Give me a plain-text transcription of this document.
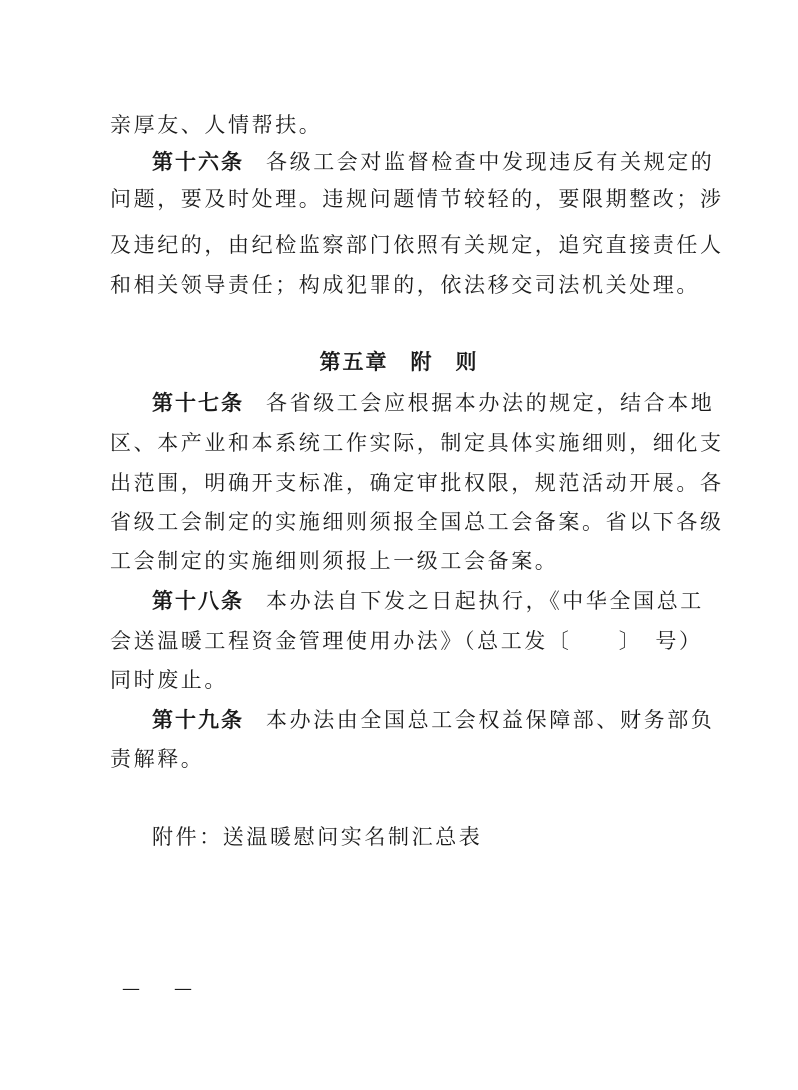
亲厚友、人情帮扶。
第十六条 各级工会对监督检查中发现违反有关规定的
问题，要及时处理。违规问题情节较轻的，要限期整改；涉
及违纪的，由纪检监察部门依照有关规定，追究直接责任人
和相关领导责任；构成犯罪的，依法移交司法机关处理。
第五章 附 则
第十七条 各省级工会应根据本办法的规定，结合本地
区、本产业和本系统工作实际，制定具体实施细则，细化支
出范围，明确开支标准，确定审批权限，规范活动开展。各
省级工会制定的实施细则须报全国总工会备案。省以下各级
工会制定的实施细则须报上一级工会备案。
第十八条 本办法自下发之日起执行，《中华全国总工
会送温暖工程资金管理使用办法》（总工发〔　　〕　号）
同时废止。
第十九条 本办法由全国总工会权益保障部、财务部负
责解释。
附件：送温暖慰问实名制汇总表
— —
